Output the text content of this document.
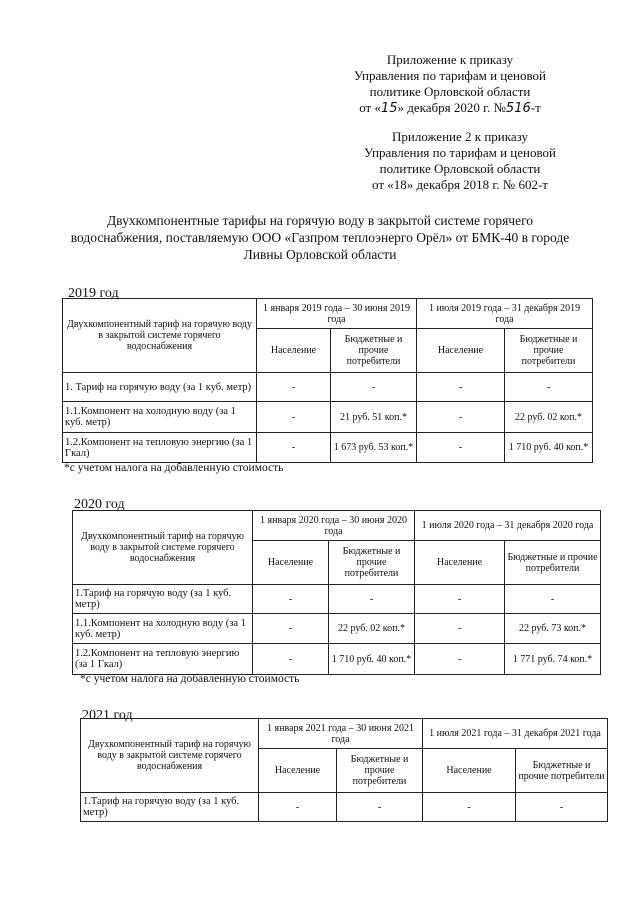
Приложение к приказу
Управления по тарифам и ценовой
политике Орловской области
от «15» декабря 2020 г. №516-т
Приложение 2 к приказу
Управления по тарифам и ценовой
политике Орловской области
от «18» декабря 2018 г. № 602-т
Двухкомпонентные тарифы на горячую воду в закрытой системе горячего водоснабжения, поставляемую ООО «Газпром теплоэнерго Орёл» от БМК-40 в городе Ливны Орловской области
2019 год
Двухкомпонентный тариф на горячую воду в закрытой системе горячего водоснабжения	1 января 2019 года – 30 июня 2019 года		1 июля 2019 года – 31 декабря 2019 года	
	Население	Бюджетные и прочие потребители	Население	Бюджетные и прочие потребители
1. Тариф на горячую воду (за 1 куб. метр)	-	-	-	-
1.1.Компонент на холодную воду (за 1 куб. метр)	-	21 руб. 51 коп.*	-	22 руб. 02 коп.*
1.2.Компонент на тепловую энергию (за 1 Гкал)	-	1 673 руб. 53 коп.*	-	1 710 руб. 40 коп.*
*с учетом налога на добавленную стоимость
2020 год
Двухкомпонентный тариф на горячую воду в закрытой системе горячего водоснабжения	1 января 2020 года – 30 июня 2020 года		1 июля 2020 года – 31 декабря 2020 года	
	Население	Бюджетные и прочие потребители	Население	Бюджетные и прочие потребители
1.Тариф на горячую воду (за 1 куб. метр)	-	-	-	-
1.1.Компонент на холодную воду (за 1 куб. метр)	-	22 руб. 02 коп.*	-	22 руб. 73 коп.*
1.2.Компонент на тепловую энергию (за 1 Гкал)	-	1 710 руб. 40 коп.*	-	1 771 руб. 74 коп.*
*с учетом налога на добавленную стоимость
2021 год
Двухкомпонентный тариф на горячую воду в закрытой системе горячего водоснабжения	1 января 2021 года – 30 июня 2021 года		1 июля 2021 года – 31 декабря 2021 года	
	Население	Бюджетные и прочие потребители	Население	Бюджетные и прочие потребители
1.Тариф на горячую воду (за 1 куб. метр)	-	-	-	-
